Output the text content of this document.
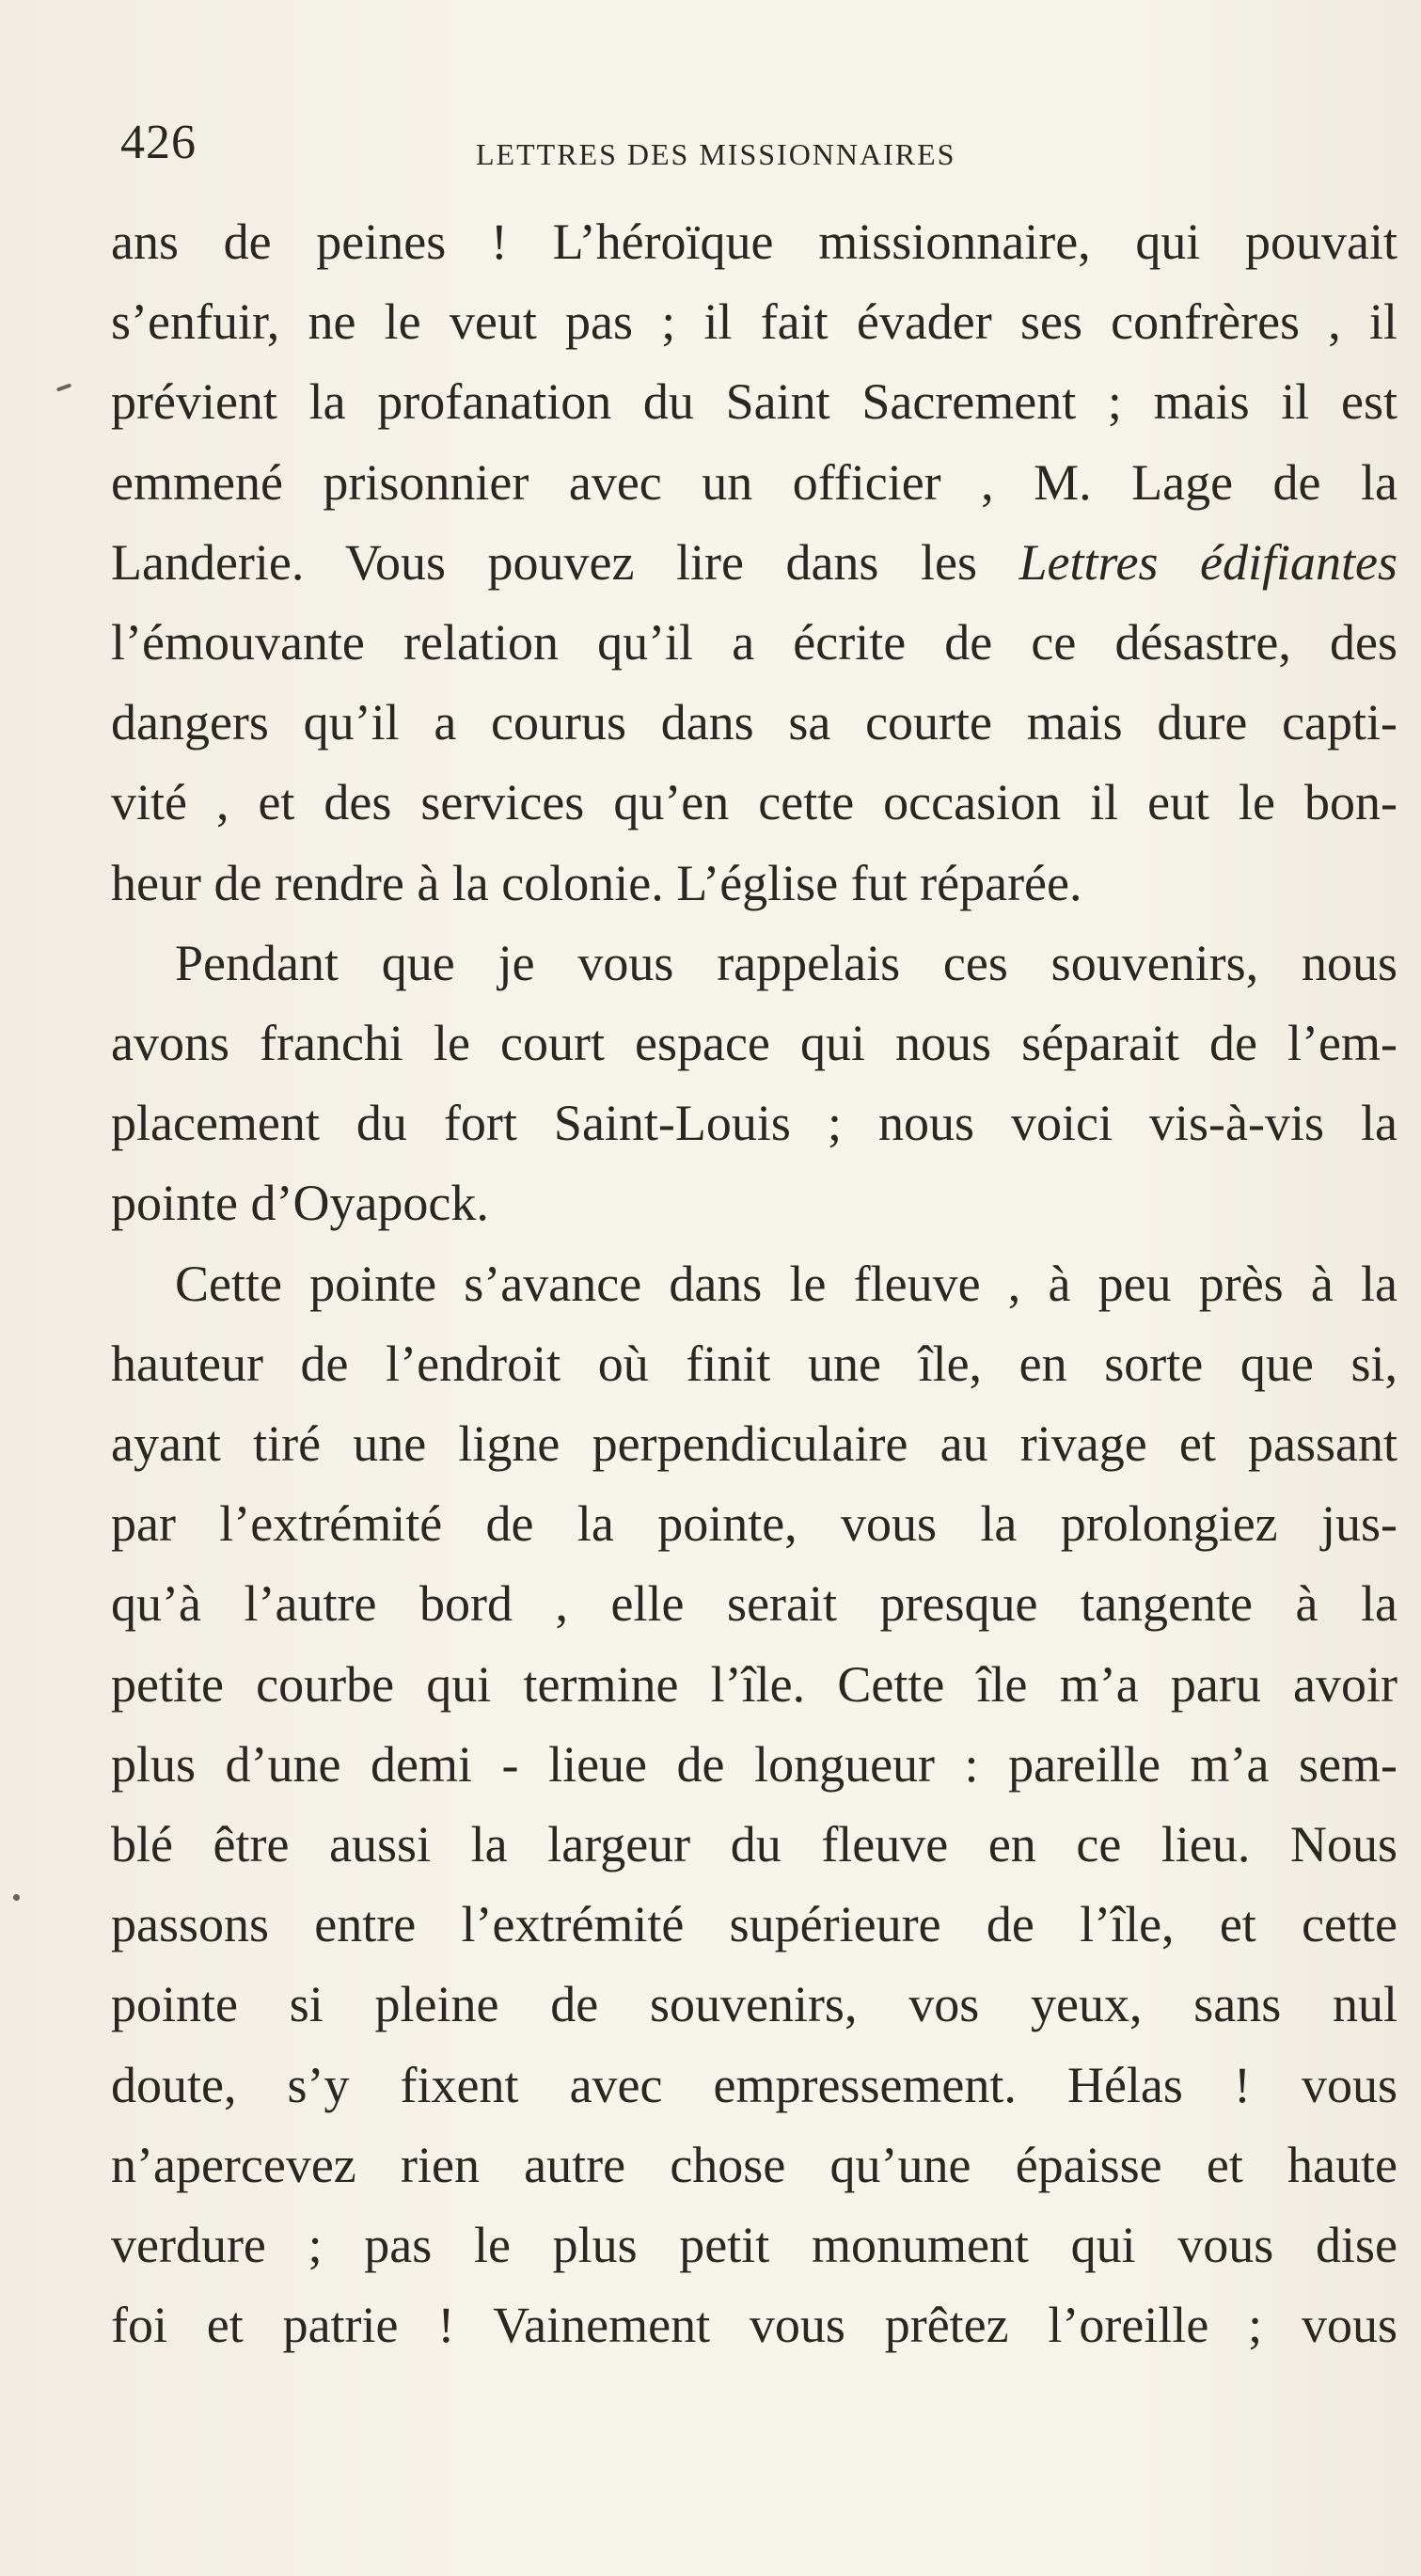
426	LETTRES DES MISSIONNAIRES
ans de peines ! L’héroïque missionnaire, qui pouvait
s’enfuir, ne le veut pas ; il fait évader ses confrères , il
prévient la profanation du Saint Sacrement ; mais il est
emmené prisonnier avec un officier , M. Lage de la
Landerie. Vous pouvez lire dans les Lettres édifiantes
l’émouvante relation qu’il a écrite de ce désastre, des
dangers qu’il a courus dans sa courte mais dure capti-
vité , et des services qu’en cette occasion il eut le bon-
heur de rendre à la colonie. L’église fut réparée.
Pendant que je vous rappelais ces souvenirs, nous
avons franchi le court espace qui nous séparait de l’em-
placement du fort Saint-Louis ; nous voici vis-à-vis la
pointe d’Oyapock.
Cette pointe s’avance dans le fleuve , à peu près à la
hauteur de l’endroit où finit une île, en sorte que si,
ayant tiré une ligne perpendiculaire au rivage et passant
par l’extrémité de la pointe, vous la prolongiez jus-
qu’à l’autre bord , elle serait presque tangente à la
petite courbe qui termine l’île. Cette île m’a paru avoir
plus d’une demi - lieue de longueur : pareille m’a sem-
blé être aussi la largeur du fleuve en ce lieu. Nous
passons entre l’extrémité supérieure de l’île, et cette
pointe si pleine de souvenirs, vos yeux, sans nul
doute, s’y fixent avec empressement. Hélas ! vous
n’apercevez rien autre chose qu’une épaisse et haute
verdure ; pas le plus petit monument qui vous dise
foi et patrie ! Vainement vous prêtez l’oreille ; vous
